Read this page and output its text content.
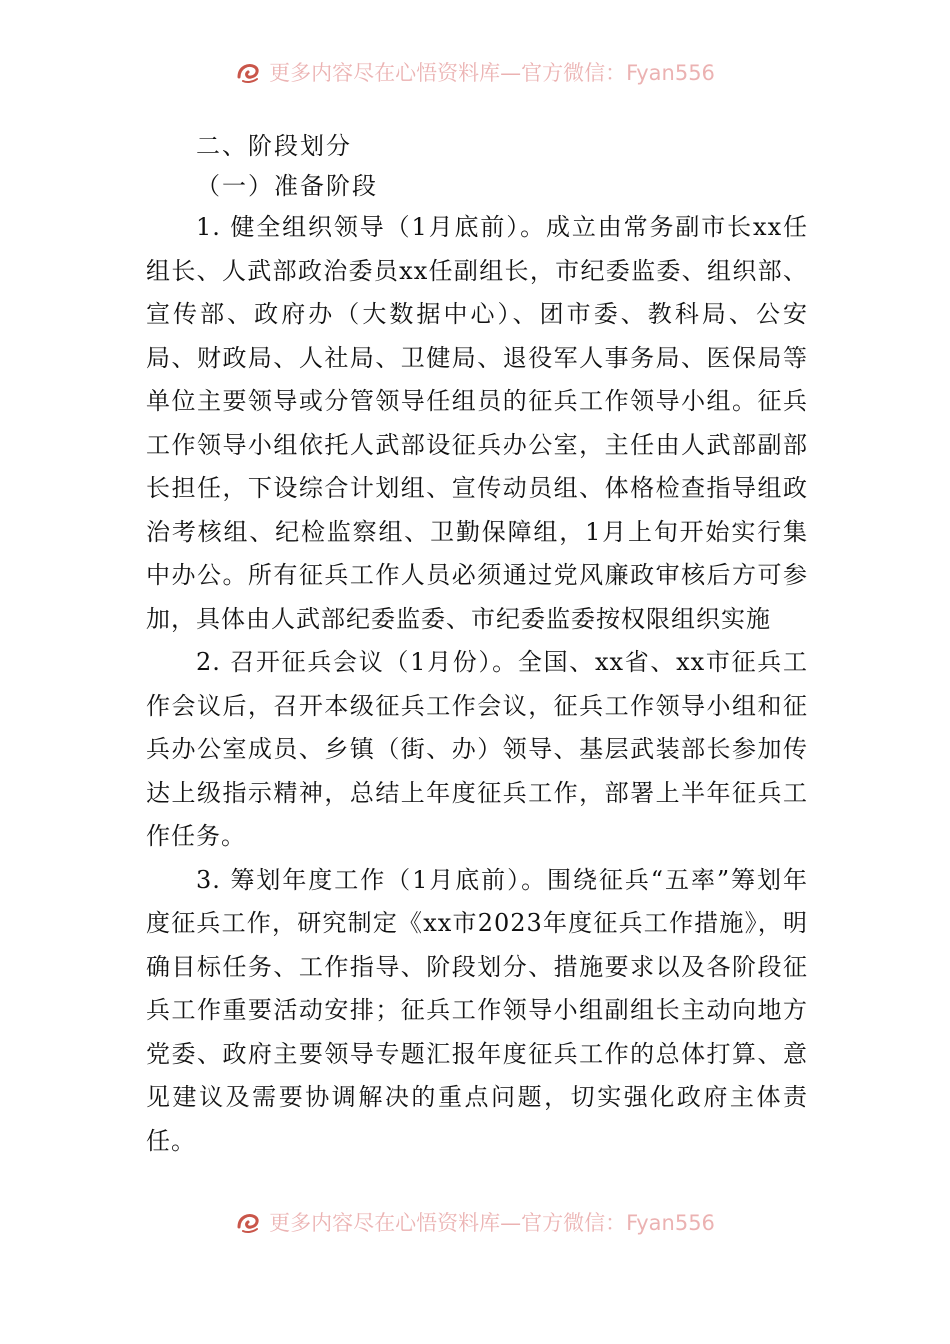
更多内容尽在心悟资料库—官方微信：Fyan556
二、阶段划分
（一）准备阶段

1. 健全组织领导（1月底前）。成立由常务副市长xx任组长、人武部政治委员xx任副组长，市纪委监委、组织部、宣传部、政府办（大数据中心）、团市委、教科局、公安局、财政局、人社局、卫健局、退役军人事务局、医保局等单位主要领导或分管领导任组员的征兵工作领导小组。征兵工作领导小组依托人武部设征兵办公室，主任由人武部副部长担任，下设综合计划组、宣传动员组、体格检查指导组政治考核组、纪检监察组、卫勤保障组，1月上旬开始实行集中办公。所有征兵工作人员必须通过党风廉政审核后方可参加，具体由人武部纪委监委、市纪委监委按权限组织实施

2. 召开征兵会议（1月份）。全国、xx省、xx市征兵工作会议后，召开本级征兵工作会议，征兵工作领导小组和征兵办公室成员、乡镇（街、办）领导、基层武装部长参加传达上级指示精神，总结上年度征兵工作，部署上半年征兵工作任务。

3. 筹划年度工作（1月底前）。围绕征兵“五率”筹划年度征兵工作，研究制定《xx市2023年度征兵工作措施》，明确目标任务、工作指导、阶段划分、措施要求以及各阶段征兵工作重要活动安排；征兵工作领导小组副组长主动向地方党委、政府主要领导专题汇报年度征兵工作的总体打算、意见建议及需要协调解决的重点问题，切实强化政府主体责任。

更多内容尽在心悟资料库—官方微信：Fyan556
